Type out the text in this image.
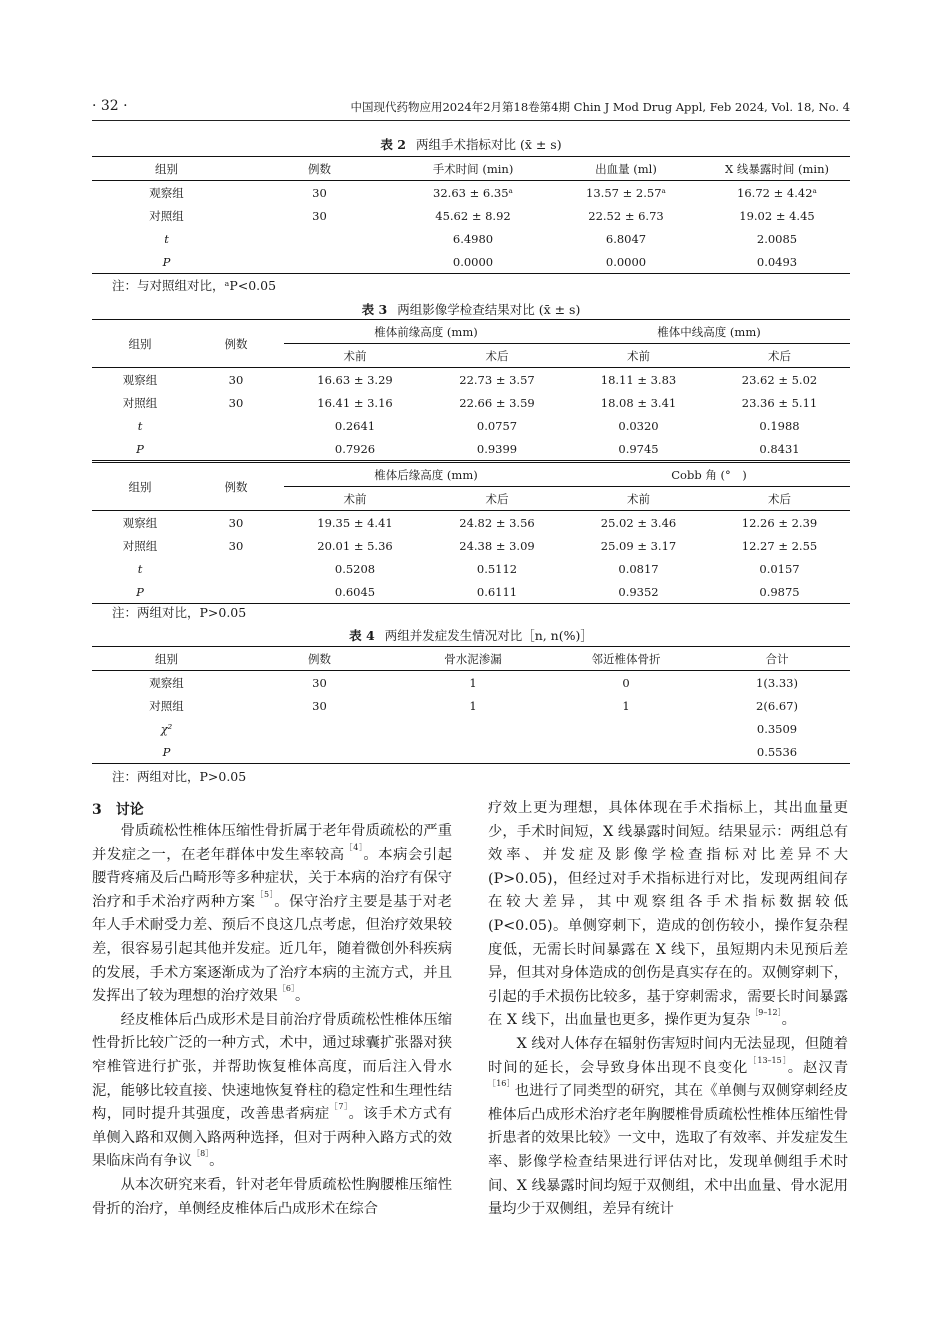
· 32 ·	中国现代药物应用2024年2月第18卷第4期 Chin J Mod Drug Appl, Feb 2024, Vol. 18, No. 4
表 2 两组手术指标对比 (x̄ ± s)
组别	例数	手术时间 (min)	出血量 (ml)	X 线暴露时间 (min)
观察组	30	32.63 ± 6.35ᵃ	13.57 ± 2.57ᵃ	16.72 ± 4.42ᵃ
对照组	30	45.62 ± 8.92	22.52 ± 6.73	19.02 ± 4.45
t		6.4980	6.8047	2.0085
P		0.0000	0.0000	0.0493
注：与对照组对比，ᵃP<0.05
表 3 两组影像学检查结果对比 (x̄ ± s)
组别	例数	椎体前缘高度 (mm)		椎体中线高度 (mm)	
		术前	术后	术前	术后
观察组	30	16.63 ± 3.29	22.73 ± 3.57	18.11 ± 3.83	23.62 ± 5.02
对照组	30	16.41 ± 3.16	22.66 ± 3.59	18.08 ± 3.41	23.36 ± 5.11
t		0.2641	0.0757	0.0320	0.1988
P		0.7926	0.9399	0.9745	0.8431
组别	例数	椎体后缘高度 (mm)		Cobb 角 (°　)	
		术前	术后	术前	术后
观察组	30	19.35 ± 4.41	24.82 ± 3.56	25.02 ± 3.46	12.26 ± 2.39
对照组	30	20.01 ± 5.36	24.38 ± 3.09	25.09 ± 3.17	12.27 ± 2.55
t		0.5208	0.5112	0.0817	0.0157
P		0.6045	0.6111	0.9352	0.9875
注：两组对比，P>0.05
表 4 两组并发症发生情况对比［n, n(%)］
组别	例数	骨水泥渗漏	邻近椎体骨折	合计
观察组	30	1	0	1(3.33)
对照组	30	1	1	2(6.67)
χ²				0.3509
P				0.5536
注：两组对比，P>0.05
3　讨论

骨质疏松性椎体压缩性骨折属于老年骨质疏松的严重并发症之一，在老年群体中发生率较高$^{[4]}$。本病会引起腰背疼痛及后凸畸形等多种症状，关于本病的治疗有保守治疗和手术治疗两种方案$^{[5]}$。保守治疗主要是基于对老年人手术耐受力差、预后不良这几点考虑，但治疗效果较差，很容易引起其他并发症。近几年，随着微创外科疾病的发展，手术方案逐渐成为了治疗本病的主流方式，并且发挥出了较为理想的治疗效果$^{[6]}$。

经皮椎体后凸成形术是目前治疗骨质疏松性椎体压缩性骨折比较广泛的一种方式，术中，通过球囊扩张器对狭窄椎管进行扩张，并帮助恢复椎体高度，而后注入骨水泥，能够比较直接、快速地恢复脊柱的稳定性和生理性结构，同时提升其强度，改善患者病症$^{[7]}$。该手术方式有单侧入路和双侧入路两种选择，但对于两种入路方式的效果临床尚有争议$^{[8]}$。

从本次研究来看，针对老年骨质疏松性胸腰椎压缩性骨折的治疗，单侧经皮椎体后凸成形术在综合

疗效上更为理想，具体体现在手术指标上，其出血量更少，手术时间短，X 线暴露时间短。结果显示：两组总有效率、并发症及影像学检查指标对比差异不大 (P>0.05)，但经过对手术指标进行对比，发现两组间存在较大差异，其中观察组各手术指标数据较低 (P<0.05)。单侧穿刺下，造成的创伤较小，操作复杂程度低，无需长时间暴露在 X 线下，虽短期内未见预后差异，但其对身体造成的创伤是真实存在的。双侧穿刺下，引起的手术损伤比较多，基于穿刺需求，需要长时间暴露在 X 线下，出血量也更多，操作更为复杂$^{[9-12]}$。

X 线对人体存在辐射伤害短时间内无法显现，但随着时间的延长，会导致身体出现不良变化$^{[13-15]}$。赵汉青$^{[16]}$也进行了同类型的研究，其在《单侧与双侧穿刺经皮椎体后凸成形术治疗老年胸腰椎骨质疏松性椎体压缩性骨折患者的效果比较》一文中，选取了有效率、并发症发生率、影像学检查结果进行评估对比，发现单侧组手术时间、X 线暴露时间均短于双侧组，术中出血量、骨水泥用量均少于双侧组，差异有统计
